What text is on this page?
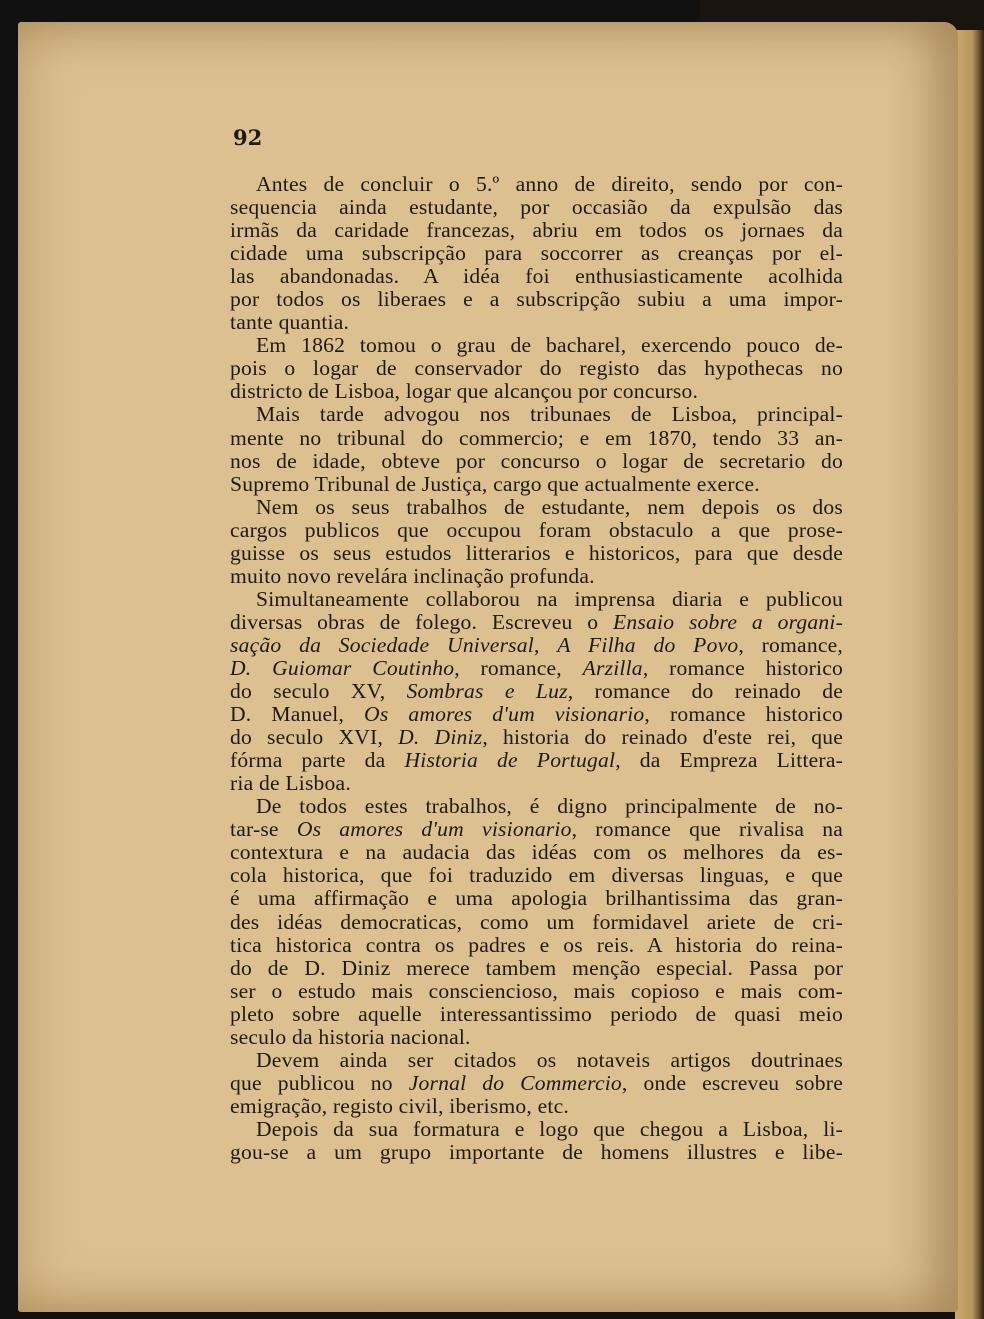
92
Antes de concluir o 5.º anno de direito, sendo por con-
sequencia ainda estudante, por occasião da expulsão das
irmãs da caridade francezas, abriu em todos os jornaes da
cidade uma subscripção para soccorrer as creanças por el-
las abandonadas. A idéa foi enthusiasticamente acolhida
por todos os liberaes e a subscripção subiu a uma impor-
tante quantia.
Em 1862 tomou o grau de bacharel, exercendo pouco de-
pois o logar de conservador do registo das hypothecas no
districto de Lisboa, logar que alcançou por concurso.
Mais tarde advogou nos tribunaes de Lisboa, principal-
mente no tribunal do commercio; e em 1870, tendo 33 an-
nos de idade, obteve por concurso o logar de secretario do
Supremo Tribunal de Justiça, cargo que actualmente exerce.
Nem os seus trabalhos de estudante, nem depois os dos
cargos publicos que occupou foram obstaculo a que prose-
guisse os seus estudos litterarios e historicos, para que desde
muito novo revelára inclinação profunda.
Simultaneamente collaborou na imprensa diaria e publicou
diversas obras de folego. Escreveu o Ensaio sobre a organi-
sação da Sociedade Universal, A Filha do Povo, romance,
D. Guiomar Coutinho, romance, Arzilla, romance historico
do seculo XV, Sombras e Luz, romance do reinado de
D. Manuel, Os amores d'um visionario, romance historico
do seculo XVI, D. Diniz, historia do reinado d'este rei, que
fórma parte da Historia de Portugal, da Empreza Littera-
ria de Lisboa.
De todos estes trabalhos, é digno principalmente de no-
tar-se Os amores d'um visionario, romance que rivalisa na
contextura e na audacia das idéas com os melhores da es-
cola historica, que foi traduzido em diversas linguas, e que
é uma affirmação e uma apologia brilhantissima das gran-
des idéas democraticas, como um formidavel ariete de cri-
tica historica contra os padres e os reis. A historia do reina-
do de D. Diniz merece tambem menção especial. Passa por
ser o estudo mais consciencioso, mais copioso e mais com-
pleto sobre aquelle interessantissimo periodo de quasi meio
seculo da historia nacional.
Devem ainda ser citados os notaveis artigos doutrinaes
que publicou no Jornal do Commercio, onde escreveu sobre
emigração, registo civil, iberismo, etc.
Depois da sua formatura e logo que chegou a Lisboa, li-
gou-se a um grupo importante de homens illustres e libe-
